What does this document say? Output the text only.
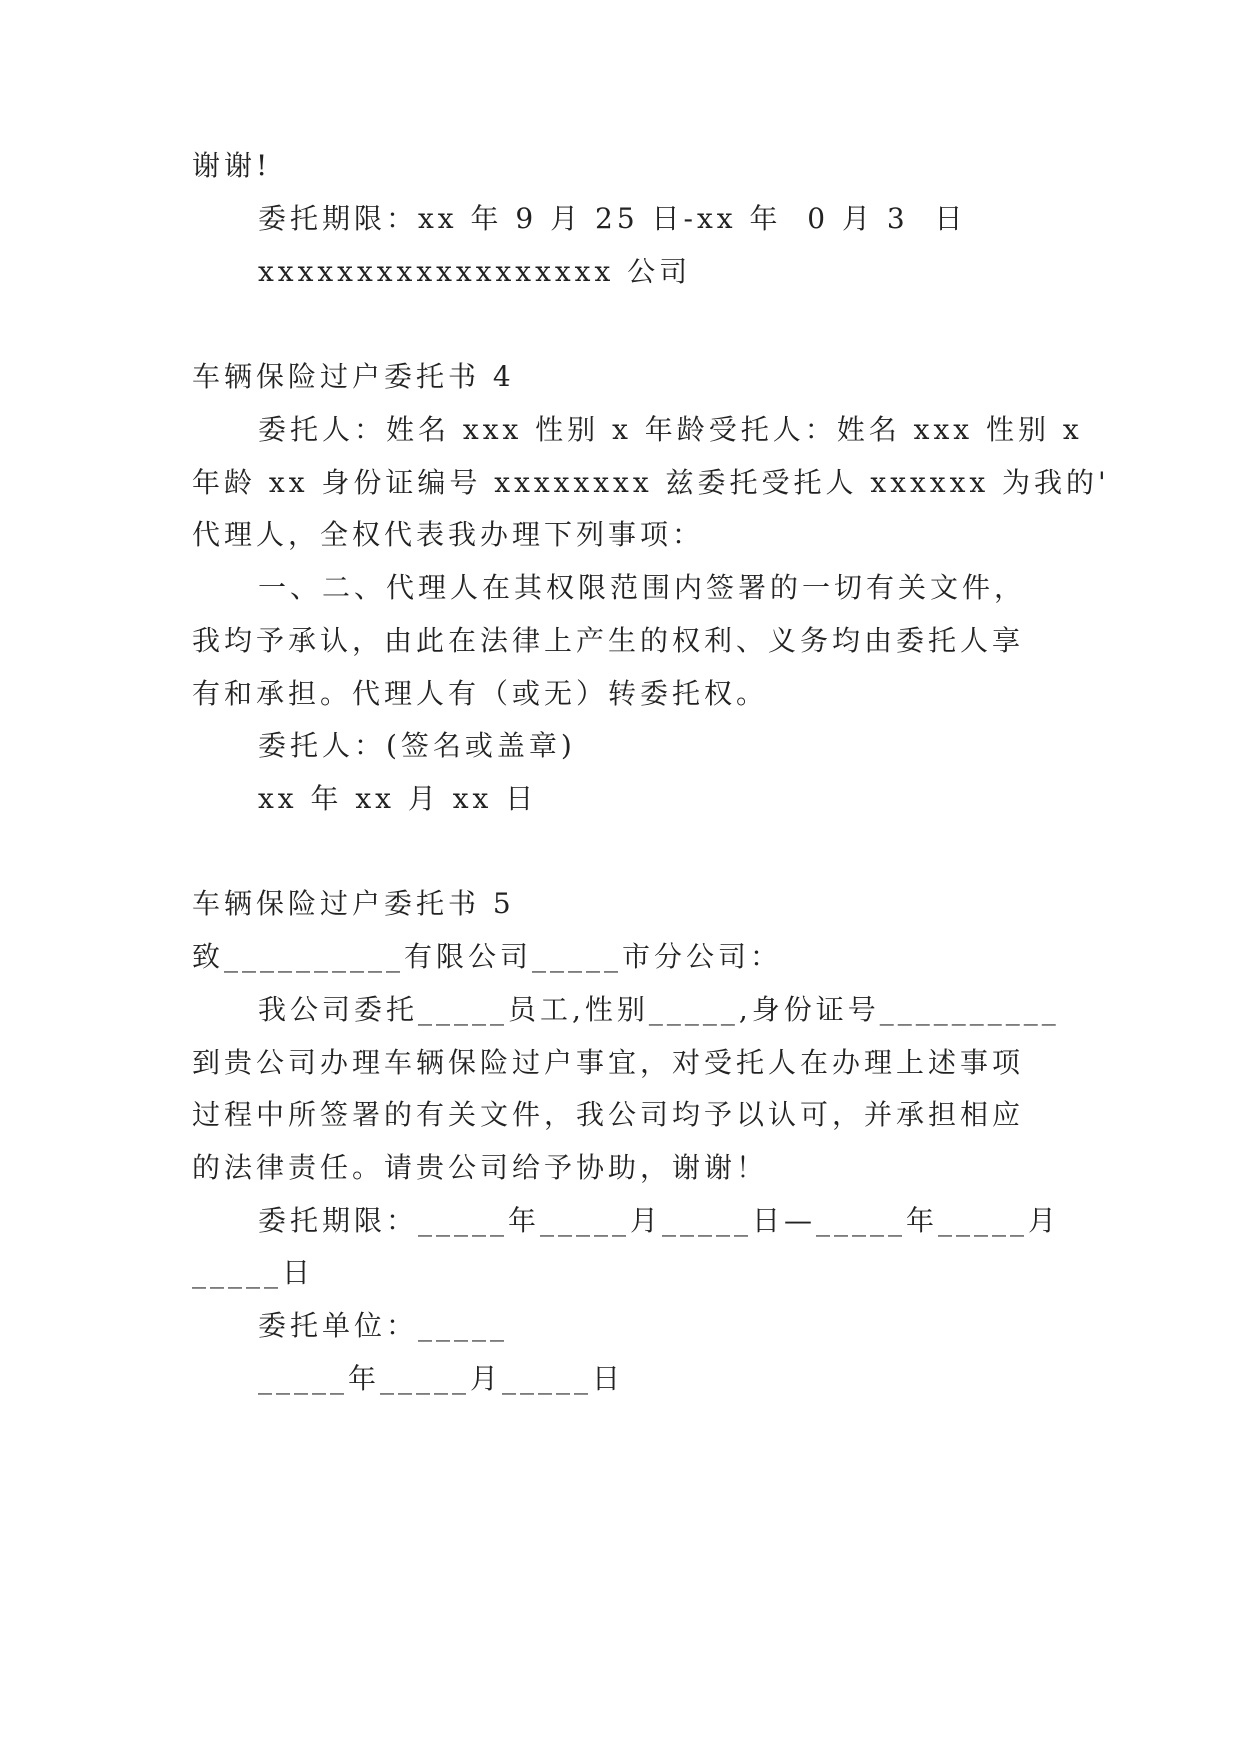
谢谢!
委托期限：xx 年 9 月 25 日-xx 年  0 月 3  日
xxxxxxxxxxxxxxxxxx 公司
车辆保险过户委托书 4
委托人：姓名 xxx 性别 x 年龄受托人：姓名 xxx 性别 x
年龄 xx 身份证编号 xxxxxxxx 兹委托受托人 xxxxxx 为我的'
代理人，全权代表我办理下列事项：
一、二、代理人在其权限范围内签署的一切有关文件，
我均予承认，由此在法律上产生的权利、义务均由委托人享
有和承担。代理人有（或无）转委托权。
委托人：(签名或盖章)
xx 年 xx 月 xx 日
车辆保险过户委托书 5
致__________有限公司_____市分公司：
我公司委托_____员工,性别_____,身份证号__________
到贵公司办理车辆保险过户事宜，对受托人在办理上述事项
过程中所签署的有关文件，我公司均予以认可，并承担相应
的法律责任。请贵公司给予协助，谢谢！
委托期限：_____年_____月_____日—_____年_____月
_____日
委托单位：_____
_____年_____月_____日
